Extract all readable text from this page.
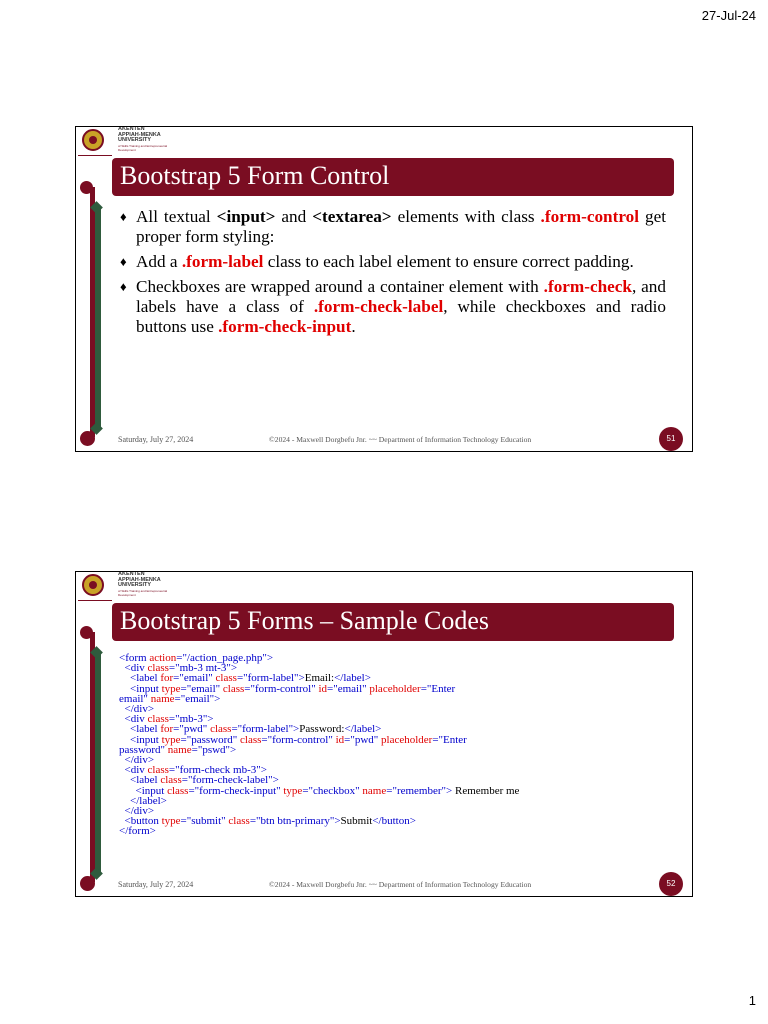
27-Jul-24
AKENTEN
APPIAH-MENKA
UNIVERSITY
of Skills Training and Entrepreneurial Development
Bootstrap 5 Form Control
♦ All textual <input> and <textarea> elements with class .form-control get proper form styling:
♦ Add a .form-label class to each label element to ensure correct padding.
♦ Checkboxes are wrapped around a container element with .form-check, and labels have a class of .form-check-label, while checkboxes and radio buttons use .form-check-input.
Saturday, July 27, 2024	©2024 - Maxwell Dorgbefu Jnr. ~~ Department of Information Technology Education	51
AKENTEN
APPIAH-MENKA
UNIVERSITY
of Skills Training and Entrepreneurial Development
Bootstrap 5 Forms – Sample Codes
<form action="/action_page.php">
<div class="mb-3 mt-3">
<label for="email" class="form-label">Email:</label>
<input type="email" class="form-control" id="email" placeholder="Enter
email" name="email">
</div>
<div class="mb-3">
<label for="pwd" class="form-label">Password:</label>
<input type="password" class="form-control" id="pwd" placeholder="Enter
password" name="pswd">
</div>
<div class="form-check mb-3">
<label class="form-check-label">
<input class="form-check-input" type="checkbox" name="remember"> Remember me
</label>
</div>
<button type="submit" class="btn btn-primary">Submit</button>
</form>
Saturday, July 27, 2024	©2024 - Maxwell Dorgbefu Jnr. ~~ Department of Information Technology Education	52
1
